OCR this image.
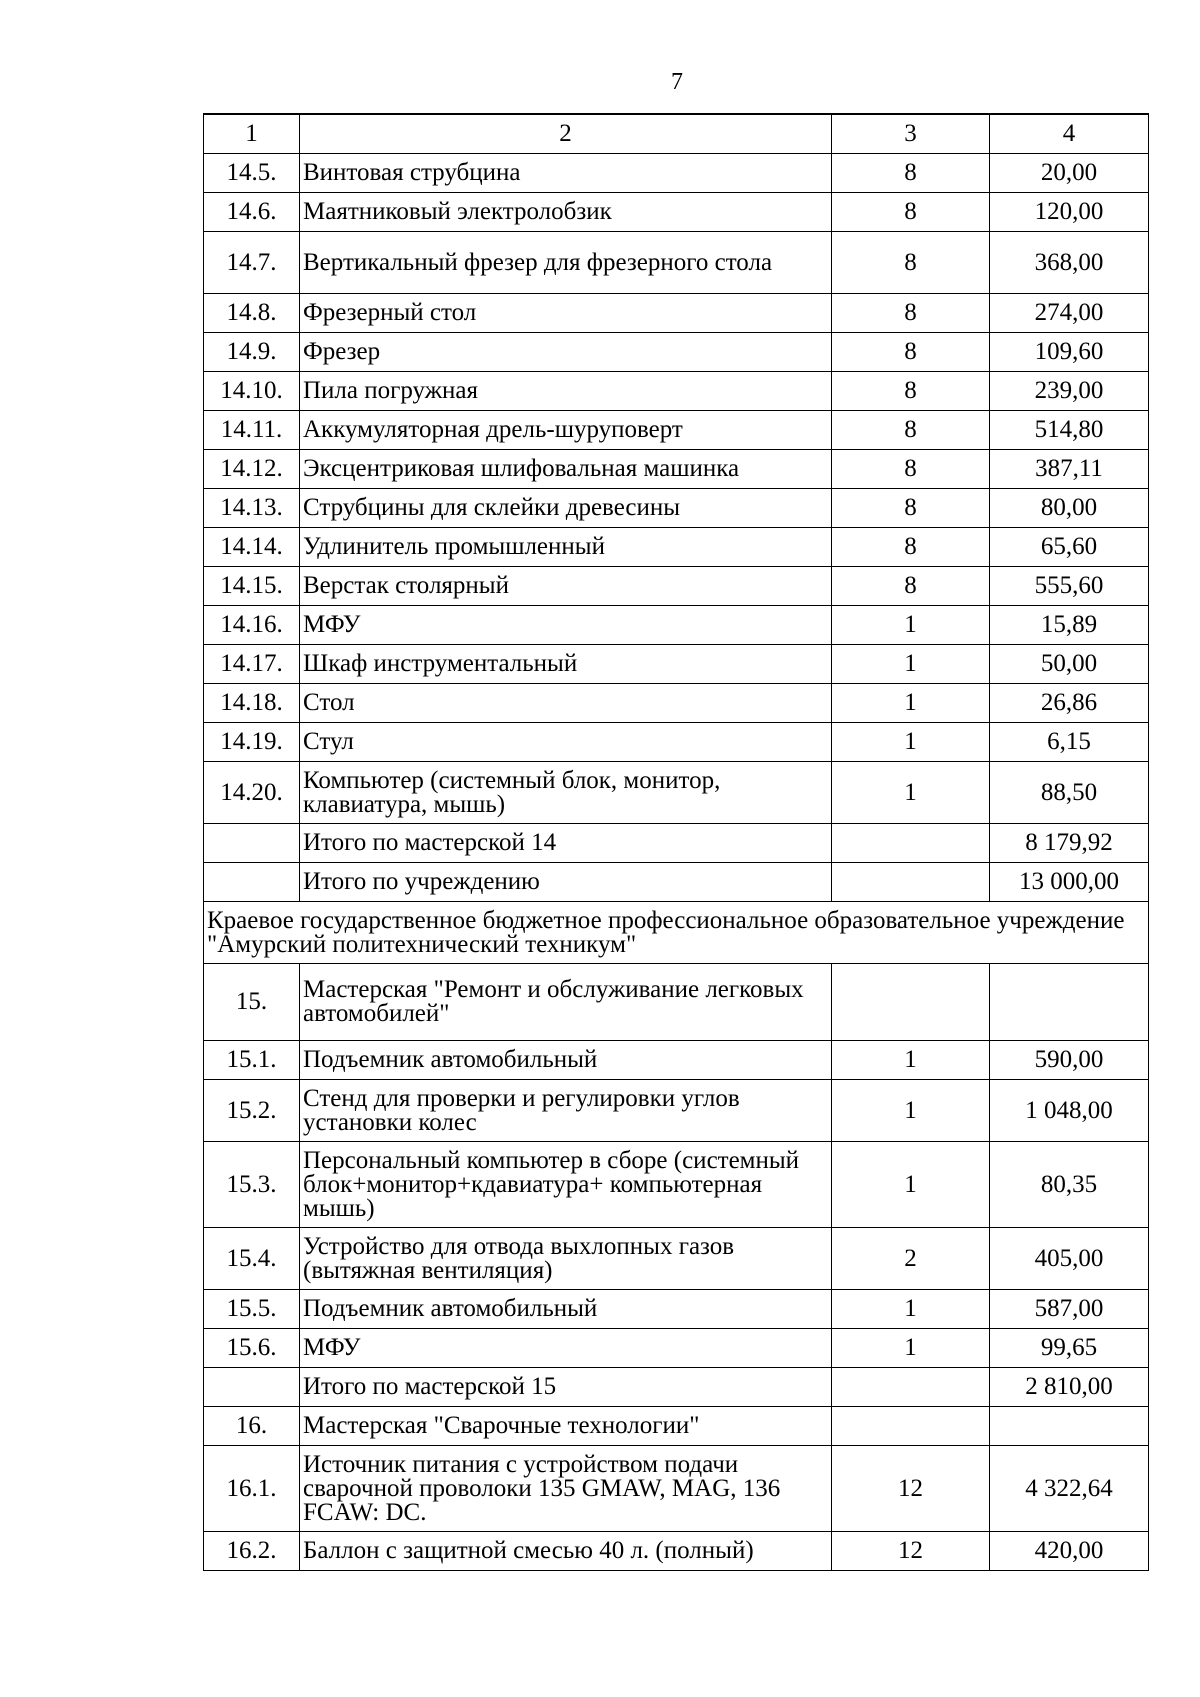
7
1	2	3	4
14.5.	Винтовая струбцина	8	20,00
14.6.	Маятниковый электролобзик	8	120,00
14.7.	Вертикальный фрезер для фрезерного стола	8	368,00
14.8.	Фрезерный стол	8	274,00
14.9.	Фрезер	8	109,60
14.10.	Пила погружная	8	239,00
14.11.	Аккумуляторная дрель-шуруповерт	8	514,80
14.12.	Эксцентриковая шлифовальная машинка	8	387,11
14.13.	Струбцины для склейки древесины	8	80,00
14.14.	Удлинитель промышленный	8	65,60
14.15.	Верстак столярный	8	555,60
14.16.	МФУ	1	15,89
14.17.	Шкаф инструментальный	1	50,00
14.18.	Стол	1	26,86
14.19.	Стул	1	6,15
14.20.	Компьютер (системный блок, монитор, клавиатура, мышь)	1	88,50
	Итого по мастерской 14		8 179,92
	Итого по учреждению		13 000,00
Краевое государственное бюджетное профессиональное образовательное учреждение "Амурский политехнический техникум"			
15.	Мастерская "Ремонт и обслуживание легковых автомобилей"		
15.1.	Подъемник автомобильный	1	590,00
15.2.	Стенд для проверки и регулировки углов установки колес	1	1 048,00
15.3.	Персональный компьютер в сборе (системный блок+монитор+кдавиатура+ компьютерная мышь)	1	80,35
15.4.	Устройство для отвода выхлопных газов (вытяжная вентиляция)	2	405,00
15.5.	Подъемник автомобильный	1	587,00
15.6.	МФУ	1	99,65
	Итого по мастерской 15		2 810,00
16.	Мастерская "Сварочные технологии"		
16.1.	Источник питания с устройством подачи сварочной проволоки 135 GMAW, MAG, 136 FCAW: DC.	12	4 322,64
16.2.	Баллон с защитной смесью 40 л. (полный)	12	420,00
